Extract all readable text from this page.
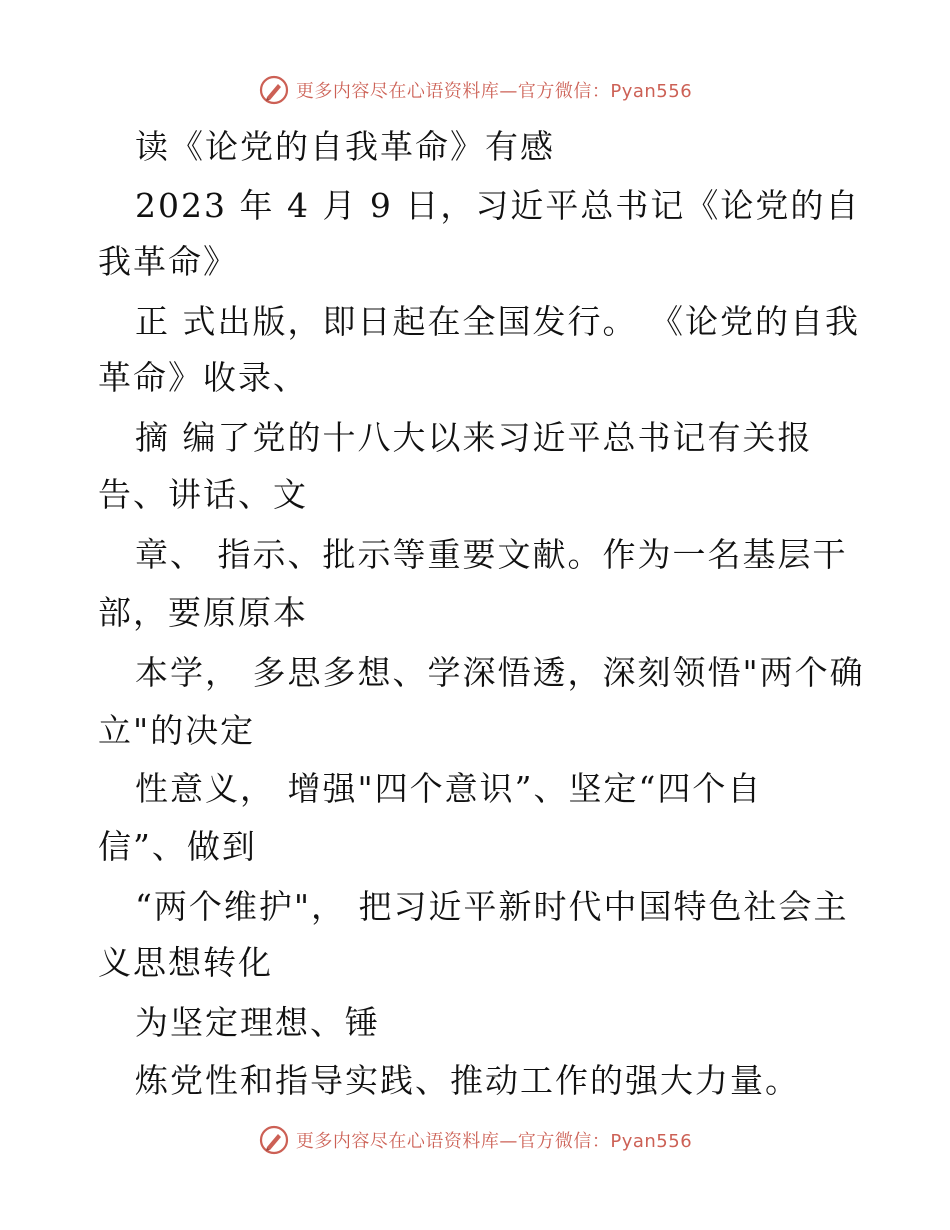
更多内容尽在心语资料库—官方微信：Pyan556
读《论党的自我革命》有感
2023 年 4 月 9 日，习近平总书记《论党的自
我革命》
正 式出版，即日起在全国发行。 《论党的自我
革命》收录、
摘 编了党的十八大以来习近平总书记有关报
告、讲话、文
章、 指示、批示等重要文献。作为一名基层干
部，要原原本
本学， 多思多想、学深悟透，深刻领悟"两个确
立"的决定
性意义， 增强"四个意识”、坚定“四个自
信”、做到
“两个维护"， 把习近平新时代中国特色社会主
义思想转化
为坚定理想、锤
炼党性和指导实践、推动工作的强大力量。
更多内容尽在心语资料库—官方微信：Pyan556
